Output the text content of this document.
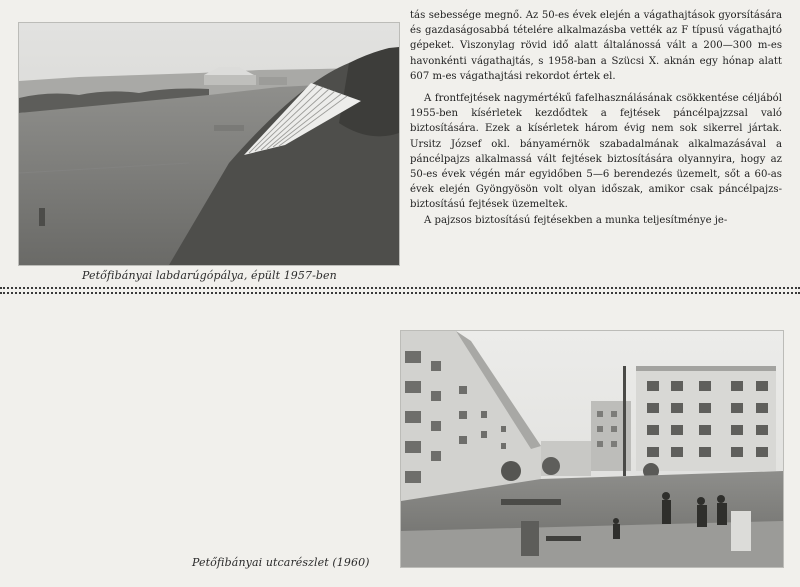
Petőfibányai labdarúgópálya, épült 1957-ben

tás sebessége megnő. Az 50-es évek elején a vágathajtások gyorsítására és gazdaságosabbá tételére alkalmazásba vették az F típusú vágathajtó gépeket. Viszonylag rövid idő alatt általánossá vált a 200—300 m-es havonkénti vágathajtás, s 1958-ban a Szücsi X. aknán egy hónap alatt 607 m-es vágathajtási rekordot értek el.

A frontfejtések nagymértékű fafelhasználásának csökkentése céljából 1955-ben kísérletek kezdődtek a fejtések páncélpajzzsal való biztosítására. Ezek a kísérletek három évig nem sok sikerrel jártak. Ursitz József okl. bányamérnök szabadalmának alkalmazásával a páncélpajzs alkalmassá vált fejtések biztosítására olyannyira, hogy az 50-es évek végén már egyidőben 5—6 berendezés üzemelt, sőt a 60-as évek elején Gyöngyösön volt olyan időszak, amikor csak páncélpajzs-biztosítású fejtések üzemeltek.

A pajzsos biztosítású fejtésekben a munka teljesítménye je-

Petőfibányai utcarészlet (1960)
